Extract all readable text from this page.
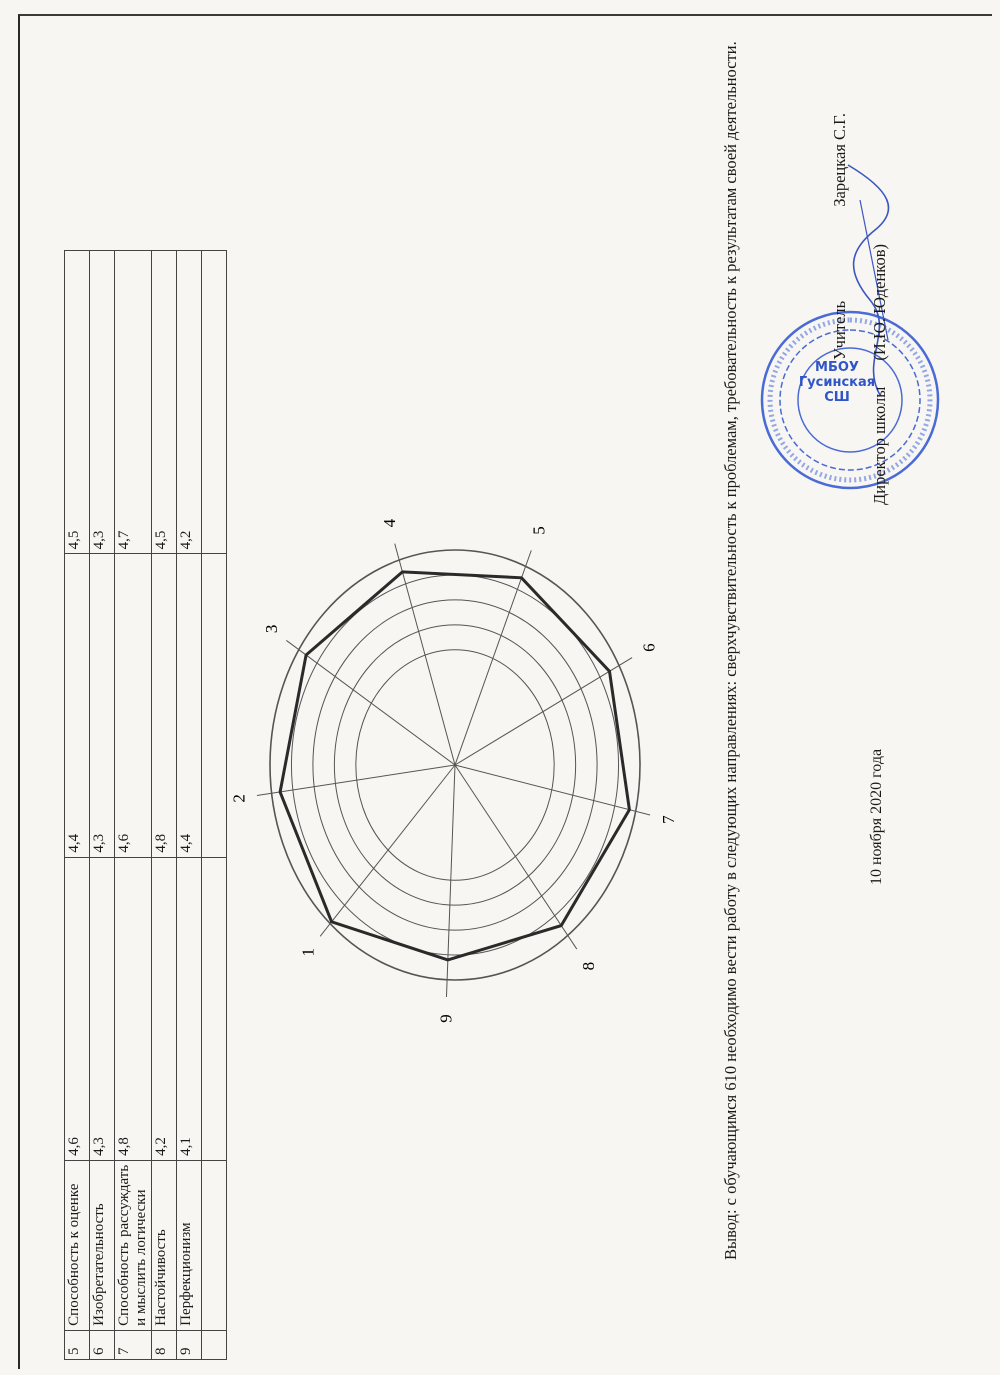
5	Способность к оценке	4,6	4,4	4,5
6	Изобретательность	4,3	4,3	4,3
7	Способность рассуждать и мыслить логически	4,8	4,6	4,7
8	Настойчивость	4,2	4,8	4,5
9	Перфекционизм	4,1	4,4	4,2

1
2
3
4
5
6
7
8
9	Вывод: с обучающимся 610 необходимо вести работу в следующих направлениях: сверхчувствительность к проблемам, требовательность к результатам своей деятельности.	10 ноября 2020 года
МБОУ Гусинская СШ
Учитель Зарецкая С.Г.
Директор школы (И.Ю. Юденков)
